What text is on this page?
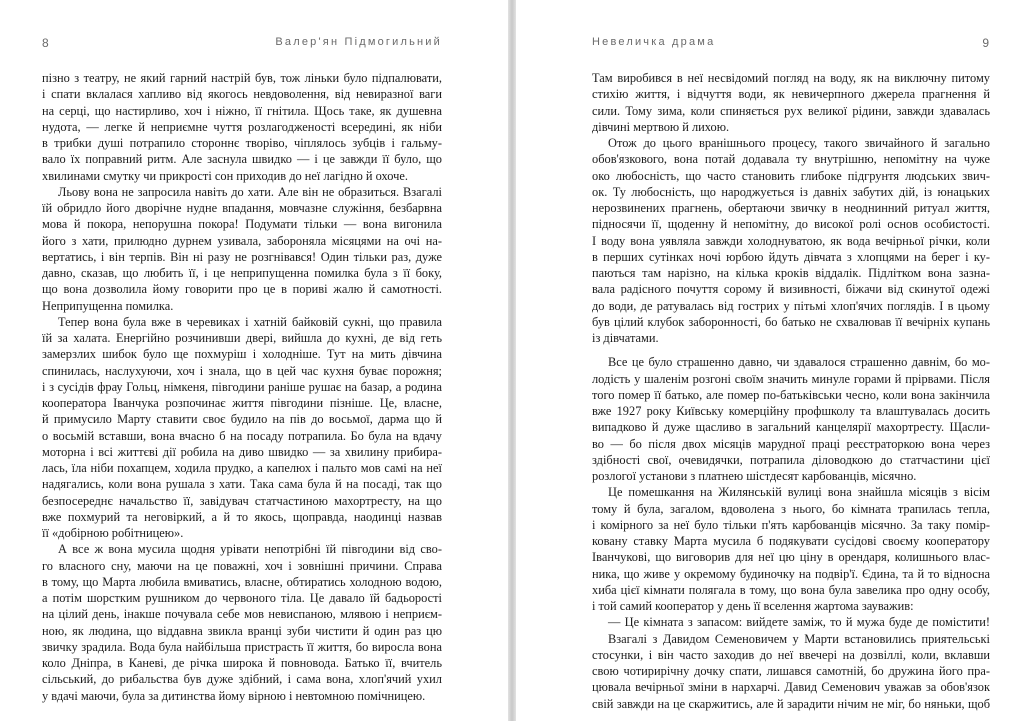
8	Валер'ян Підмогильний
пізно з театру, не який гарний настрій був, тож ліньки було підпалювати,
і спати вклалася хапливо від якогось невдоволення, від невиразної ваги
на серці, що настирливо, хоч і ніжно, її гнітила. Щось таке, як душевна
нудота, — легке й неприємне чуття розлагодженості всередині, як ніби
в трибки душі потрапило стороннє творіво, чіплялось зубців і гальму-
вало їх поправний ритм. Але заснула швидко — і це завжди її було, що
хвилинами смутку чи прикрості сон приходив до неї лагідно й охоче.
Льову вона не запросила навіть до хати. Але він не образиться. Взагалі
їй обридло його дворічне нудне впадання, мовчазне служіння, безбарвна
мова й покора, непорушна покора! Подумати тільки — вона вигонила
його з хати, прилюдно дурнем узивала, забороняла місяцями на очі на-
вертатись, і він терпів. Він ні разу не розгнівався! Один тільки раз, дуже
давно, сказав, що любить її, і це неприпущенна помилка була з її боку,
що вона дозволила йому говорити про це в пориві жалю й самотності.
Неприпущенна помилка.
Тепер вона була вже в черевиках і хатній байковій сукні, що правила
їй за халата. Енергійно розчинивши двері, вийшла до кухні, де від геть
замерзлих шибок було ще похмуріш і холодніше. Тут на мить дівчина
спинилась, наслухуючи, хоч і знала, що в цей час кухня буває порожня;
і з сусідів фрау Гольц, німкеня, півгодини раніше рушає на базар, а родина
кооператора Іванчука розпочинає життя півгодини пізніше. Це, власне,
й примусило Марту ставити своє будило на пів до восьмої, дарма що й
о восьмій вставши, вона вчасно б на посаду потрапила. Бо була на вдачу
моторна і всі життєві дії робила на диво швидко — за хвилину прибира-
лась, їла ніби похапцем, ходила прудко, а капелюх і пальто мов самі на неї
надягались, коли вона рушала з хати. Така сама була й на посаді, так що
безпосереднє начальство її, завідувач статчастиною махортресту, на що
вже похмурий та неговіркий, а й то якось, щоправда, наодинці назвав
її «добірною робітницею».
А все ж вона мусила щодня урівати непотрібні їй півгодини від сво-
го власного сну, маючи на це поважні, хоч і зовнішні причини. Справа
в тому, що Марта любила вмиватись, власне, обтиратись холодною водою,
а потім шорстким рушником до червоного тіла. Це давало їй бадьорості
на цілий день, інакше почувала себе мов невиспаною, млявою і неприєм-
ною, як людина, що віддавна звикла вранці зуби чистити й один раз цю
звичку зрадила. Вода була найбільша пристрасть її життя, бо виросла вона
коло Дніпра, в Каневі, де річка широка й повновода. Батько її, вчитель
сільський, до рибальства був дуже здібний, і сама вона, хлоп'ячий ухил
у вдачі маючи, була за дитинства йому вірною і невтомною помічницею.
Невеличка драма	9
Там виробився в неї несвідомий погляд на воду, як на виключну питому
стихію життя, і відчуття води, як невичерпного джерела прагнення й
сили. Тому зима, коли спиняється рух великої рідини, завжди здавалась
дівчині мертвою й лихою.
Отож до цього вранішнього процесу, такого звичайного й загально
обов'язкового, вона потай додавала ту внутрішню, непомітну на чуже
око любосність, що часто становить глибоке підгрунтя людських звич-
ок. Ту любосність, що народжується із давніх забутих дій, із юнацьких
нерозвинених прагнень, обертаючи звичку в неоднинний ритуал життя,
підносячи її, щоденну й непомітну, до високої ролі основ особистості.
І воду вона уявляла завжди холоднуватою, як вода вечірньої річки, коли
в перших сутінках ночі юрбою йдуть дівчата з хлопцями на берег і ку-
паються там нарізно, на кілька кроків віддалік. Підлітком вона зазна-
вала радісного почуття сорому й визивності, біжачи від скинутої одежі
до води, де ратувалась від гострих у пітьмі хлоп'ячих поглядів. І в цьому
був цілий клубок заборонності, бо батько не схвалював її вечірніх купань
із дівчатами.
Все це було страшенно давно, чи здавалося страшенно давнім, бо мо-
лодість у шаленім розгоні своїм значить минуле горами й прірвами. Після
того помер її батько, але помер по-батьківськи чесно, коли вона закінчила
вже 1927 року Київську комерційну профшколу та влаштувалась досить
випадково й дуже щасливо в загальний канцелярії махортресту. Щасли-
во — бо після двох місяців марудної праці реєстраторкою вона через
здібності свої, очевидячки, потрапила діловодкою до статчастини цієї
розлогої установи з платнею шістдесят карбованців, місячно.
Це помешкання на Жилянській вулиці вона знайшла місяців з вісім
тому й була, загалом, вдоволена з нього, бо кімната трапилась тепла,
і комірного за неї було тільки п'ять карбованців місячно. За таку помір-
ковану ставку Марта мусила б подякувати сусідові своєму кооператору
Іванчукові, що виговорив для неї цю ціну в орендаря, колишнього влас-
ника, що живе у окремому будиночку на подвір'ї. Єдина, та й то відноснa
хиба цієї кімнати полягала в тому, що вона була завелика про одну особу,
і той самий кооператор у день її вселення жартома зауважив:
— Це кімната з запасом: вийдете заміж, то й мужа буде де помістити!
Взагалі з Давидом Семеновичем у Марти встановились приятельські
стосунки, і він часто заходив до неї ввечері на дозвіллі, коли, вклавши
свою чотирирічну дочку спати, лишався самотній, бо дружина його пра-
цювала вечірньої зміни в нархарчі. Давид Семенович уважав за обов'язок
свій завжди на це скаржитись, але й зарадити нічим не міг, бо няньки, щоб
